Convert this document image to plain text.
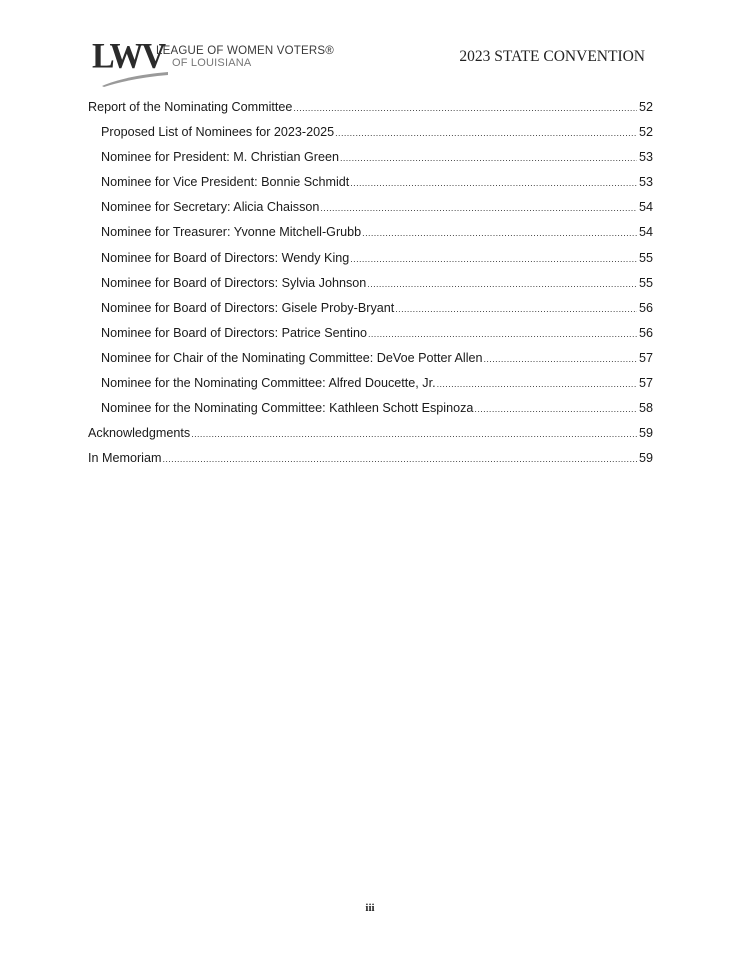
LWV
LEAGUE OF WOMEN VOTERS®
OF LOUISIANA	2023 STATE CONVENTION
Report of the Nominating Committee .....	52
Proposed List of Nominees for 2023-2025 .....	52
Nominee for President: M. Christian Green .....	53
Nominee for Vice President: Bonnie Schmidt .....	53
Nominee for Secretary: Alicia Chaisson .....	54
Nominee for Treasurer: Yvonne Mitchell-Grubb .....	54
Nominee for Board of Directors: Wendy King .....	55
Nominee for Board of Directors: Sylvia Johnson .....	55
Nominee for Board of Directors: Gisele Proby-Bryant .....	56
Nominee for Board of Directors: Patrice Sentino .....	56
Nominee for Chair of the Nominating Committee: DeVoe Potter Allen .....	57
Nominee for the Nominating Committee: Alfred Doucette, Jr. .....	57
Nominee for the Nominating Committee: Kathleen Schott Espinoza .....	58
Acknowledgments .....	59
In Memoriam .....	59
iii
